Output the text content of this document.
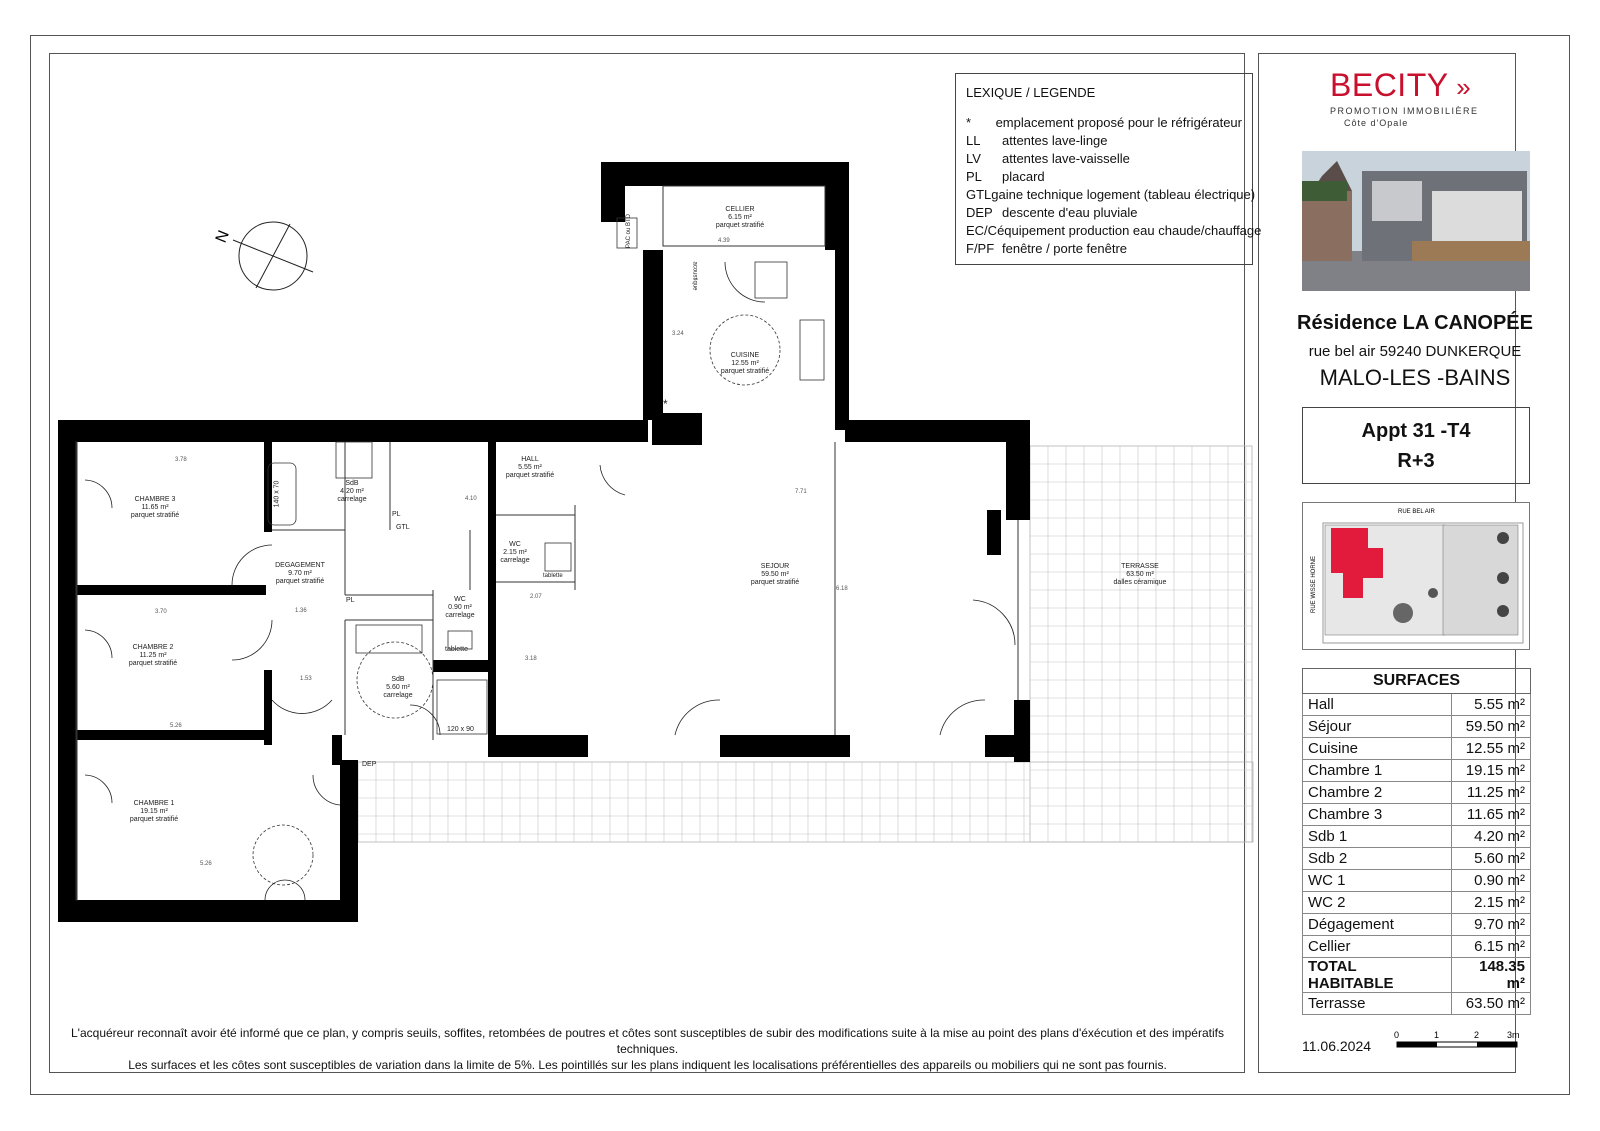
LEXIQUE / LEGENDE
*	emplacement proposé pour le réfrigérateur
LL	attentes lave-linge
LV	attentes lave-vaisselle
PL	placard
GTL gaine technique logement (tableau électrique)
DEP descente d'eau pluviale
EC/C équipement production eau chaude/chauffage
F/PF fenêtre / porte fenêtre
N
3.78
3.70
5.26
5.26
7.71
6.18
3.24
4.39
4.10
1.36
1.53
2.07
3.18
CELLIER
6.15 m²
parquet stratifié
CUISINE
12.55 m²
parquet stratifié
HALL
5.55 m²
parquet stratifié
SEJOUR
59.50 m²
parquet stratifié
TERRASSE
63.50 m²
dalles céramique
CHAMBRE 3
11.65 m²
parquet stratifié
CHAMBRE 2
11.25 m²
parquet stratifié
CHAMBRE 1
19.15 m²
parquet stratifié
SdB
4.20 m²
carrelage
SdB
5.60 m²
carrelage
DEGAGEMENT
9.70 m²
parquet stratifié
WC
0.90 m²
carrelage
WC
2.15 m²
carrelage
PL
PL
GTL
DEP
tablette
tablette
120 x 90
140 x 70
PAC ou BTD
acoustique
*
L'acquéreur reconnaît avoir été informé que ce plan, y compris seuils, soffites, retombées de poutres et côtes sont susceptibles de subir des modifications suite à la mise au point des plans d'éxécution et des impératifs techniques.
Les surfaces et les côtes sont susceptibles de variation dans la limite de 5%. Les pointillés sur les plans indiquent les localisations préférentielles des appareils ou mobiliers qui ne sont pas fournis.
BECITY »
PROMOTION IMMOBILIÈRE
Côte d'Opale
Résidence LA CANOPÉE
rue bel air 59240 DUNKERQUE
MALO-LES -BAINS
Appt 31 -T4
R+3
RUE BEL AIR
RUE WISSE HORNE
SURFACES	
Hall	5.55 m²
Séjour	59.50 m²
Cuisine	12.55 m²
Chambre 1	19.15 m²
Chambre 2	11.25 m²
Chambre 3	11.65 m²
Sdb 1	4.20 m²
Sdb 2	5.60 m²
WC 1	0.90 m²
WC 2	2.15 m²
Dégagement	9.70 m²
Cellier	6.15 m²
TOTAL HABITABLE	148.35 m²
Terrasse	63.50 m²
11.06.2024
0	1	2	3m
